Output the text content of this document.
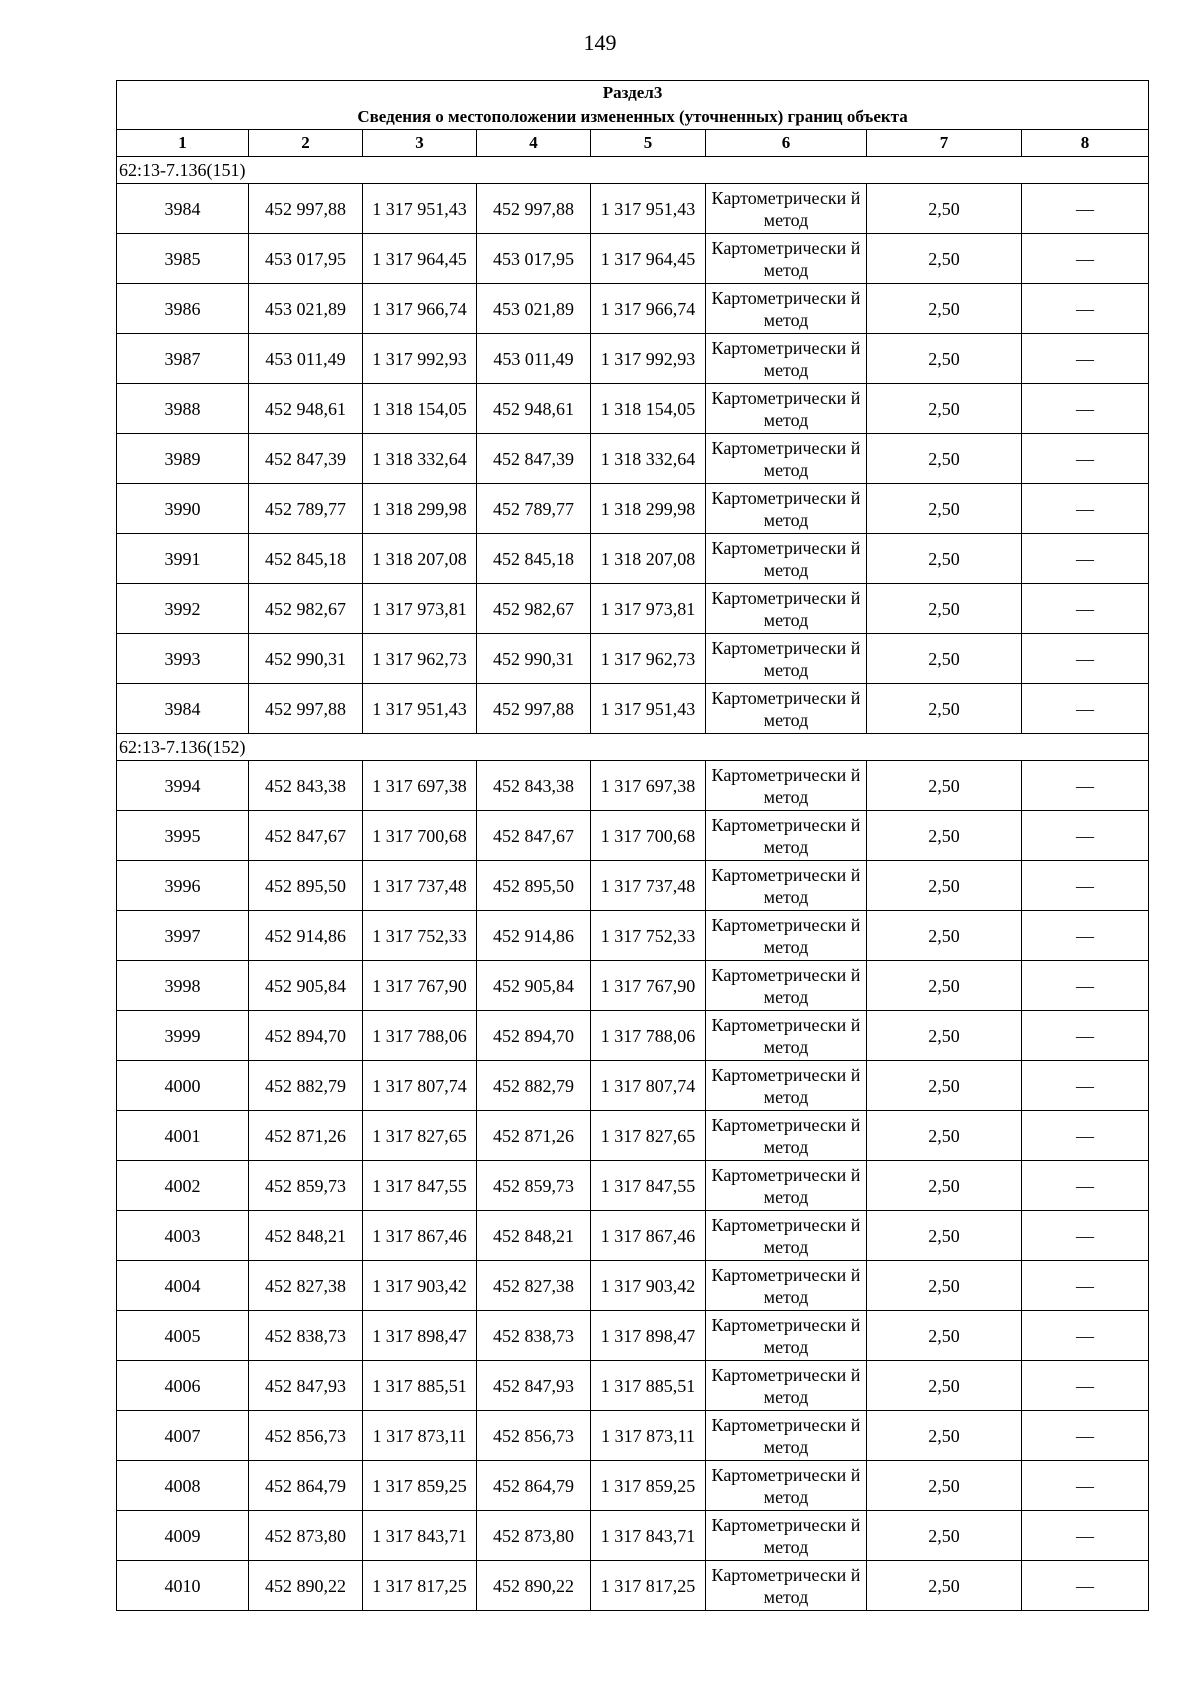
149
Раздел3							
Сведения о местоположении измененных (уточненных) границ объекта							
1	2	3	4	5	6	7	8
62:13-7.136(151)							
3984	452 997,88	1 317 951,43	452 997,88	1 317 951,43	Картометрически й метод	2,50	—
3985	453 017,95	1 317 964,45	453 017,95	1 317 964,45	Картометрически й метод	2,50	—
3986	453 021,89	1 317 966,74	453 021,89	1 317 966,74	Картометрически й метод	2,50	—
3987	453 011,49	1 317 992,93	453 011,49	1 317 992,93	Картометрически й метод	2,50	—
3988	452 948,61	1 318 154,05	452 948,61	1 318 154,05	Картометрически й метод	2,50	—
3989	452 847,39	1 318 332,64	452 847,39	1 318 332,64	Картометрически й метод	2,50	—
3990	452 789,77	1 318 299,98	452 789,77	1 318 299,98	Картометрически й метод	2,50	—
3991	452 845,18	1 318 207,08	452 845,18	1 318 207,08	Картометрически й метод	2,50	—
3992	452 982,67	1 317 973,81	452 982,67	1 317 973,81	Картометрически й метод	2,50	—
3993	452 990,31	1 317 962,73	452 990,31	1 317 962,73	Картометрически й метод	2,50	—
3984	452 997,88	1 317 951,43	452 997,88	1 317 951,43	Картометрически й метод	2,50	—
62:13-7.136(152)							
3994	452 843,38	1 317 697,38	452 843,38	1 317 697,38	Картометрически й метод	2,50	—
3995	452 847,67	1 317 700,68	452 847,67	1 317 700,68	Картометрически й метод	2,50	—
3996	452 895,50	1 317 737,48	452 895,50	1 317 737,48	Картометрически й метод	2,50	—
3997	452 914,86	1 317 752,33	452 914,86	1 317 752,33	Картометрически й метод	2,50	—
3998	452 905,84	1 317 767,90	452 905,84	1 317 767,90	Картометрически й метод	2,50	—
3999	452 894,70	1 317 788,06	452 894,70	1 317 788,06	Картометрически й метод	2,50	—
4000	452 882,79	1 317 807,74	452 882,79	1 317 807,74	Картометрически й метод	2,50	—
4001	452 871,26	1 317 827,65	452 871,26	1 317 827,65	Картометрически й метод	2,50	—
4002	452 859,73	1 317 847,55	452 859,73	1 317 847,55	Картометрически й метод	2,50	—
4003	452 848,21	1 317 867,46	452 848,21	1 317 867,46	Картометрически й метод	2,50	—
4004	452 827,38	1 317 903,42	452 827,38	1 317 903,42	Картометрически й метод	2,50	—
4005	452 838,73	1 317 898,47	452 838,73	1 317 898,47	Картометрически й метод	2,50	—
4006	452 847,93	1 317 885,51	452 847,93	1 317 885,51	Картометрически й метод	2,50	—
4007	452 856,73	1 317 873,11	452 856,73	1 317 873,11	Картометрически й метод	2,50	—
4008	452 864,79	1 317 859,25	452 864,79	1 317 859,25	Картометрически й метод	2,50	—
4009	452 873,80	1 317 843,71	452 873,80	1 317 843,71	Картометрически й метод	2,50	—
4010	452 890,22	1 317 817,25	452 890,22	1 317 817,25	Картометрически й метод	2,50	—
